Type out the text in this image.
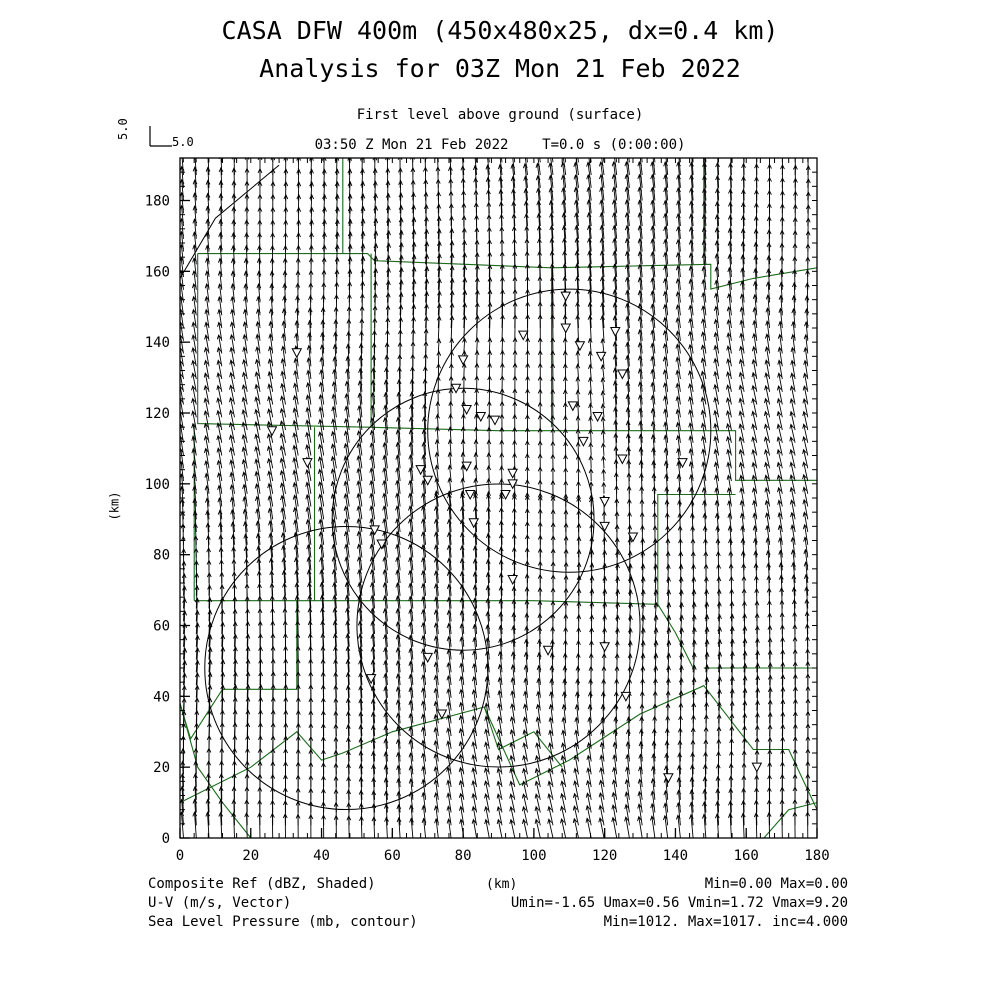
CASA DFW 400m (450x480x25, dx=0.4 km)
Analysis for 03Z Mon 21 Feb 2022
First level above ground (surface)
03:50 Z Mon 21 Feb 2022    T=0.0 s (0:00:00)
5.0
5.0
(km)
(km)
Composite Ref (dBZ, Shaded)	Min=0.00 Max=0.00
U-V (m/s, Vector)	Umin=-1.65 Umax=0.56 Vmin=1.72 Vmax=9.20
Sea Level Pressure (mb, contour)	Min=1012. Max=1017. inc=4.000
0	20	40	60	80	100	120	140	160	180
0
20
40
60
80
100
120
140
160
180
